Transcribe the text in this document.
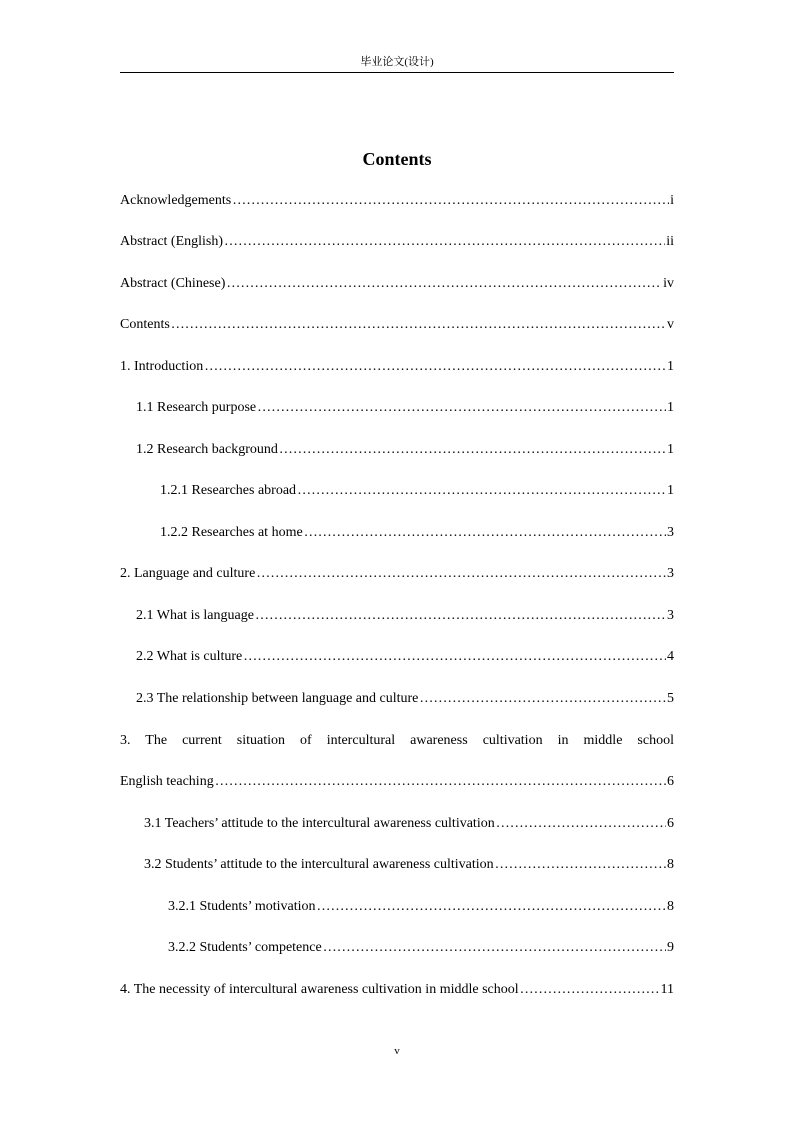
毕业论文(设计)
Contents
Acknowledgements …………………………………………………………………………………………………………………………………………………………………………………………………………	i
Abstract (English) …………………………………………………………………………………………………………………………………………………………………………………………………………	ii
Abstract (Chinese) …………………………………………………………………………………………………………………………………………………………………………………………………………	iv
Contents …………………………………………………………………………………………………………………………………………………………………………………………………………	v
1. Introduction …………………………………………………………………………………………………………………………………………………………………………………………………………	1
1.1 Research purpose …………………………………………………………………………………………………………………………………………………………………………………………………………	1
1.2 Research background …………………………………………………………………………………………………………………………………………………………………………………………………………	1
1.2.1 Researches abroad …………………………………………………………………………………………………………………………………………………………………………………………………………	1
1.2.2 Researches at home …………………………………………………………………………………………………………………………………………………………………………………………………………	3
2. Language and culture …………………………………………………………………………………………………………………………………………………………………………………………………………	3
2.1 What is language …………………………………………………………………………………………………………………………………………………………………………………………………………	3
2.2 What is culture …………………………………………………………………………………………………………………………………………………………………………………………………………	4
2.3 The relationship between language and culture …………………………………………………………………………………………………………………………………………………………………………………………………………	5
3. The current situation of intercultural awareness cultivation in middle school
English teaching …………………………………………………………………………………………………………………………………………………………………………………………………………	6
3.1 Teachers’ attitude to the intercultural awareness cultivation …………………………………………………………………………………………………………………………………………………………………………………………………………	6
3.2 Students’ attitude to the intercultural awareness cultivation …………………………………………………………………………………………………………………………………………………………………………………………………………	8
3.2.1 Students’ motivation …………………………………………………………………………………………………………………………………………………………………………………………………………	8
3.2.2 Students’ competence …………………………………………………………………………………………………………………………………………………………………………………………………………	9
4. The necessity of intercultural awareness cultivation in middle school …………………………………………………………………………………………………………………………………………………………………………………………………………	11
v
